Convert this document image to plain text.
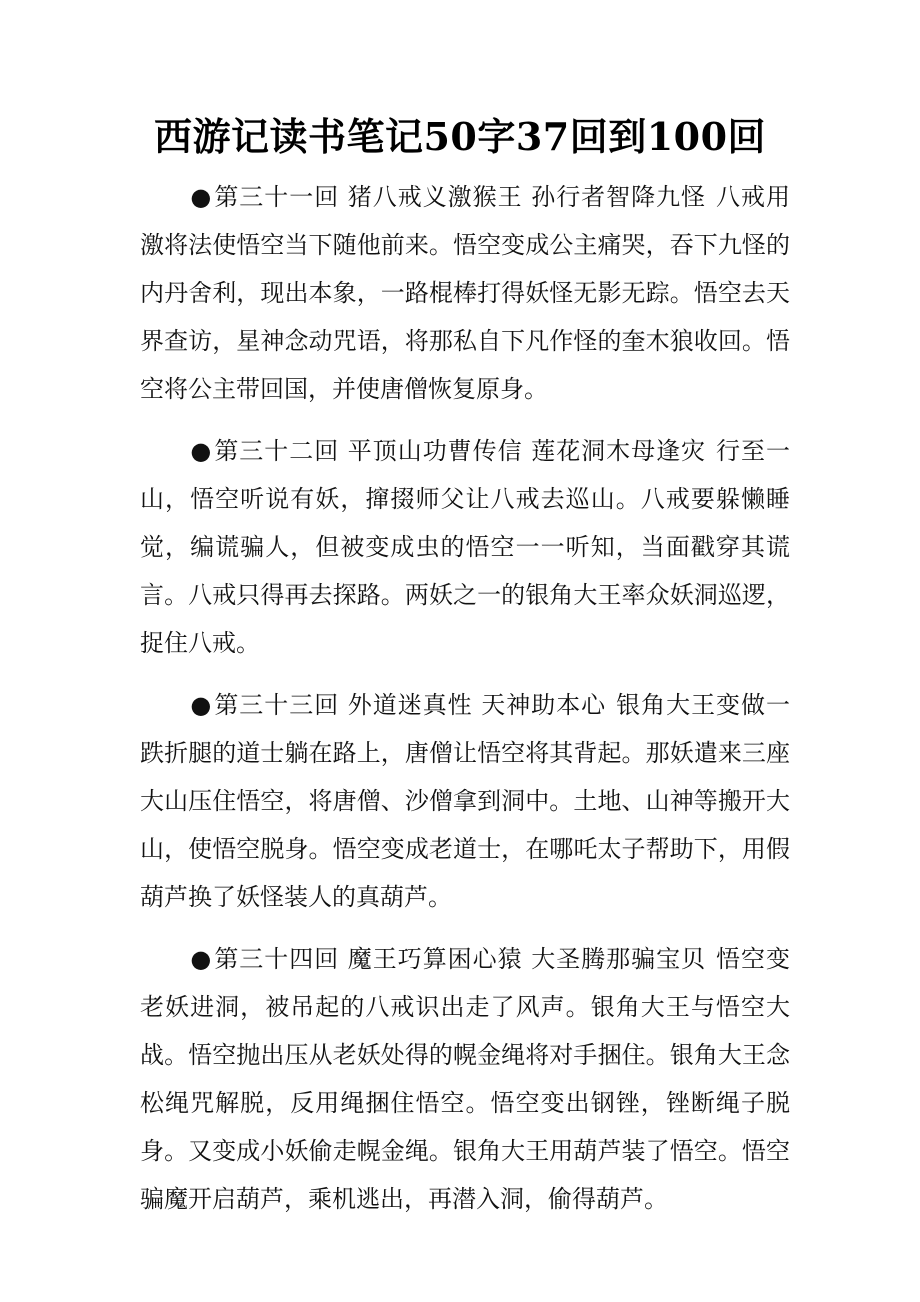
西游记读书笔记50字37回到100回

●第三十一回 猪八戒义激猴王 孙行者智降九怪 八戒用激将法使悟空当下随他前来。悟空变成公主痛哭，吞下九怪的内丹舍利，现出本象，一路棍棒打得妖怪无影无踪。悟空去天界查访，星神念动咒语，将那私自下凡作怪的奎木狼收回。悟空将公主带回国，并使唐僧恢复原身。

●第三十二回 平顶山功曹传信 莲花洞木母逢灾 行至一山，悟空听说有妖，撺掇师父让八戒去巡山。八戒要躲懒睡觉，编谎骗人，但被变成虫的悟空一一听知，当面戳穿其谎言。八戒只得再去探路。两妖之一的银角大王率众妖洞巡逻，捉住八戒。

●第三十三回 外道迷真性 天神助本心 银角大王变做一跌折腿的道士躺在路上，唐僧让悟空将其背起。那妖遣来三座大山压住悟空，将唐僧、沙僧拿到洞中。土地、山神等搬开大山，使悟空脱身。悟空变成老道士，在哪吒太子帮助下，用假葫芦换了妖怪装人的真葫芦。

●第三十四回 魔王巧算困心猿 大圣腾那骗宝贝 悟空变老妖进洞，被吊起的八戒识出走了风声。银角大王与悟空大战。悟空抛出压从老妖处得的幌金绳将对手捆住。银角大王念松绳咒解脱，反用绳捆住悟空。悟空变出钢锉，锉断绳子脱身。又变成小妖偷走幌金绳。银角大王用葫芦装了悟空。悟空骗魔开启葫芦，乘机逃出，再潜入洞，偷得葫芦。
